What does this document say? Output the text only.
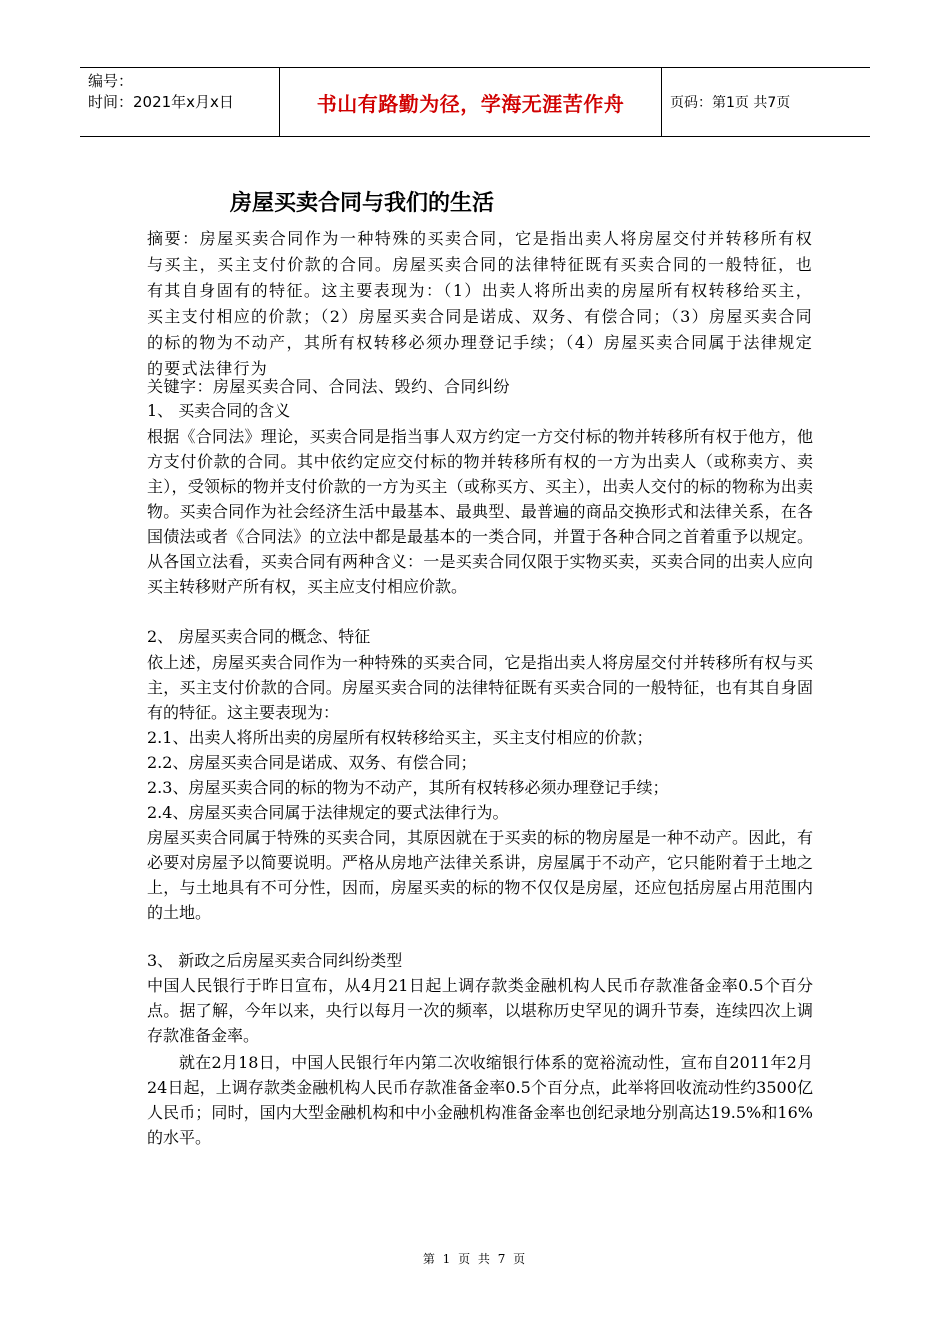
编号：
时间：2021年x月x日	书山有路勤为径，学海无涯苦作舟	页码：第1页 共7页
房屋买卖合同与我们的生活

摘要：房屋买卖合同作为一种特殊的买卖合同，它是指出卖人将房屋交付并转移所有权与买主，买主支付价款的合同。房屋买卖合同的法律特征既有买卖合同的一般特征，也有其自身固有的特征。这主要表现为：（1）出卖人将所出卖的房屋所有权转移给买主，买主支付相应的价款；（2）房屋买卖合同是诺成、双务、有偿合同；（3）房屋买卖合同的标的物为不动产，其所有权转移必须办理登记手续；（4）房屋买卖合同属于法律规定的要式法律行为

关键字：房屋买卖合同、合同法、毁约、合同纠纷

1、 买卖合同的含义

根据《合同法》理论，买卖合同是指当事人双方约定一方交付标的物并转移所有权于他方，他方支付价款的合同。其中依约定应交付标的物并转移所有权的一方为出卖人（或称卖方、卖主），受领标的物并支付价款的一方为买主（或称买方、买主），出卖人交付的标的物称为出卖物。买卖合同作为社会经济生活中最基本、最典型、最普遍的商品交换形式和法律关系，在各国债法或者《合同法》的立法中都是最基本的一类合同，并置于各种合同之首着重予以规定。从各国立法看，买卖合同有两种含义：一是买卖合同仅限于实物买卖，买卖合同的出卖人应向买主转移财产所有权，买主应支付相应价款。

2、 房屋买卖合同的概念、特征

依上述，房屋买卖合同作为一种特殊的买卖合同，它是指出卖人将房屋交付并转移所有权与买主，买主支付价款的合同。房屋买卖合同的法律特征既有买卖合同的一般特征，也有其自身固有的特征。这主要表现为：

2.1、出卖人将所出卖的房屋所有权转移给买主，买主支付相应的价款；

2.2、房屋买卖合同是诺成、双务、有偿合同；

2.3、房屋买卖合同的标的物为不动产，其所有权转移必须办理登记手续；

2.4、房屋买卖合同属于法律规定的要式法律行为。

房屋买卖合同属于特殊的买卖合同，其原因就在于买卖的标的物房屋是一种不动产。因此，有必要对房屋予以简要说明。严格从房地产法律关系讲，房屋属于不动产，它只能附着于土地之上，与土地具有不可分性，因而，房屋买卖的标的物不仅仅是房屋，还应包括房屋占用范围内的土地。

3、 新政之后房屋买卖合同纠纷类型

中国人民银行于昨日宣布，从4月21日起上调存款类金融机构人民币存款准备金率0.5个百分点。据了解，今年以来，央行以每月一次的频率，以堪称历史罕见的调升节奏，连续四次上调存款准备金率。

就在2月18日，中国人民银行年内第二次收缩银行体系的宽裕流动性，宣布自2011年2月24日起，上调存款类金融机构人民币存款准备金率0.5个百分点，此举将回收流动性约3500亿人民币；同时，国内大型金融机构和中小金融机构准备金率也创纪录地分别高达19.5%和16%的水平。

第 1 页 共 7 页
